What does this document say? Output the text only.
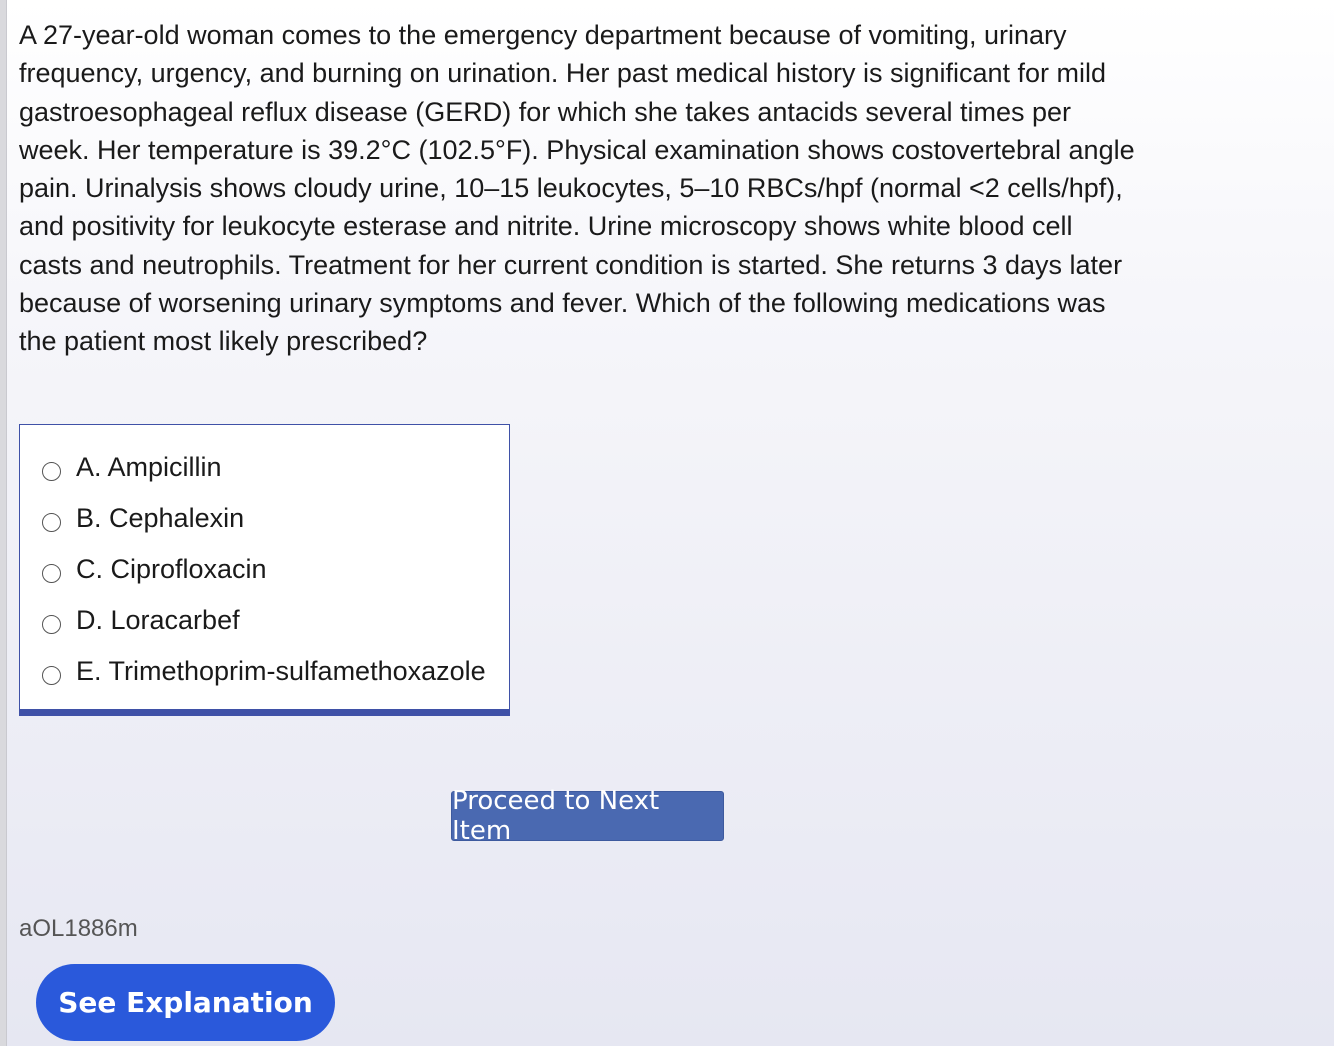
A 27-year-old woman comes to the emergency department because of vomiting, urinary frequency, urgency, and burning on urination. Her past medical history is significant for mild gastroesophageal reflux disease (GERD) for which she takes antacids several times per week. Her temperature is 39.2°C (102.5°F). Physical examination shows costovertebral angle pain. Urinalysis shows cloudy urine, 10–15 leukocytes, 5–10 RBCs/hpf (normal <2 cells/hpf), and positivity for leukocyte esterase and nitrite. Urine microscopy shows white blood cell casts and neutrophils. Treatment for her current condition is started. She returns 3 days later because of worsening urinary symptoms and fever. Which of the following medications was the patient most likely prescribed?

A. Ampicillin
B. Cephalexin
C. Ciprofloxacin
D. Loracarbef
E. Trimethoprim-sulfamethoxazole
Proceed to Next Item
aOL1886m
See Explanation
